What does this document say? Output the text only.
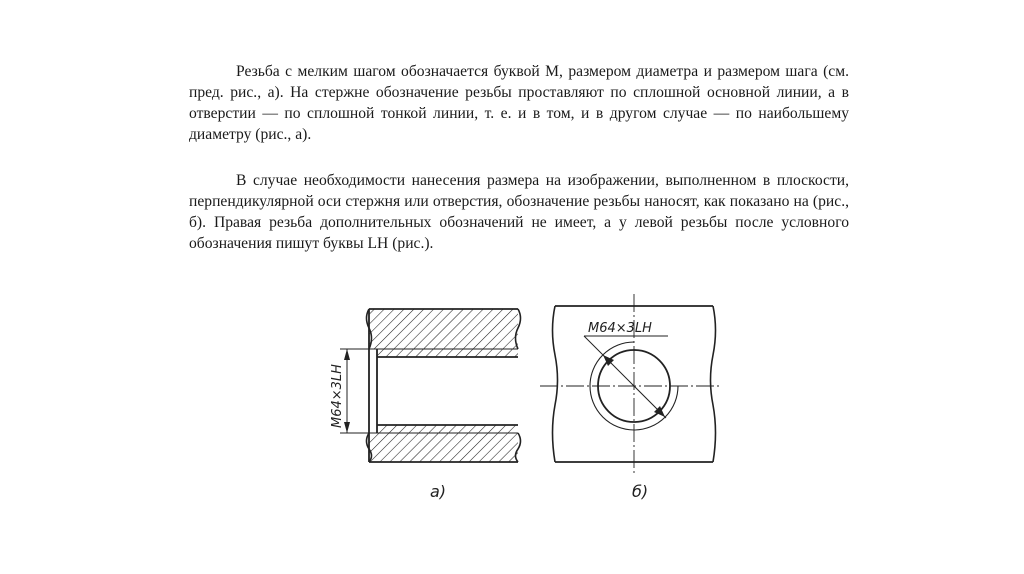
Резьба с мелким шагом обозначается буквой М, размером диаметра и размером шага (см. пред. рис., а). На стержне обозначение резьбы проставляют по сплошной основной линии, а в отверстии — по сплошной тонкой линии, т. е. и в том, и в другом случае — по наибольшему диаметру (рис., а).

В случае необходимости нанесения размера на изображении, выполненном в плоскости, перпендикулярной оси стержня или отверстия, обозначение резьбы наносят, как показано на (рис., б). Правая резьба дополнительных обозначений не имеет, а у левой резьбы после условного обозначения пишут буквы LH (рис.).

M64×3LH
а)
M64×3LH
б)
